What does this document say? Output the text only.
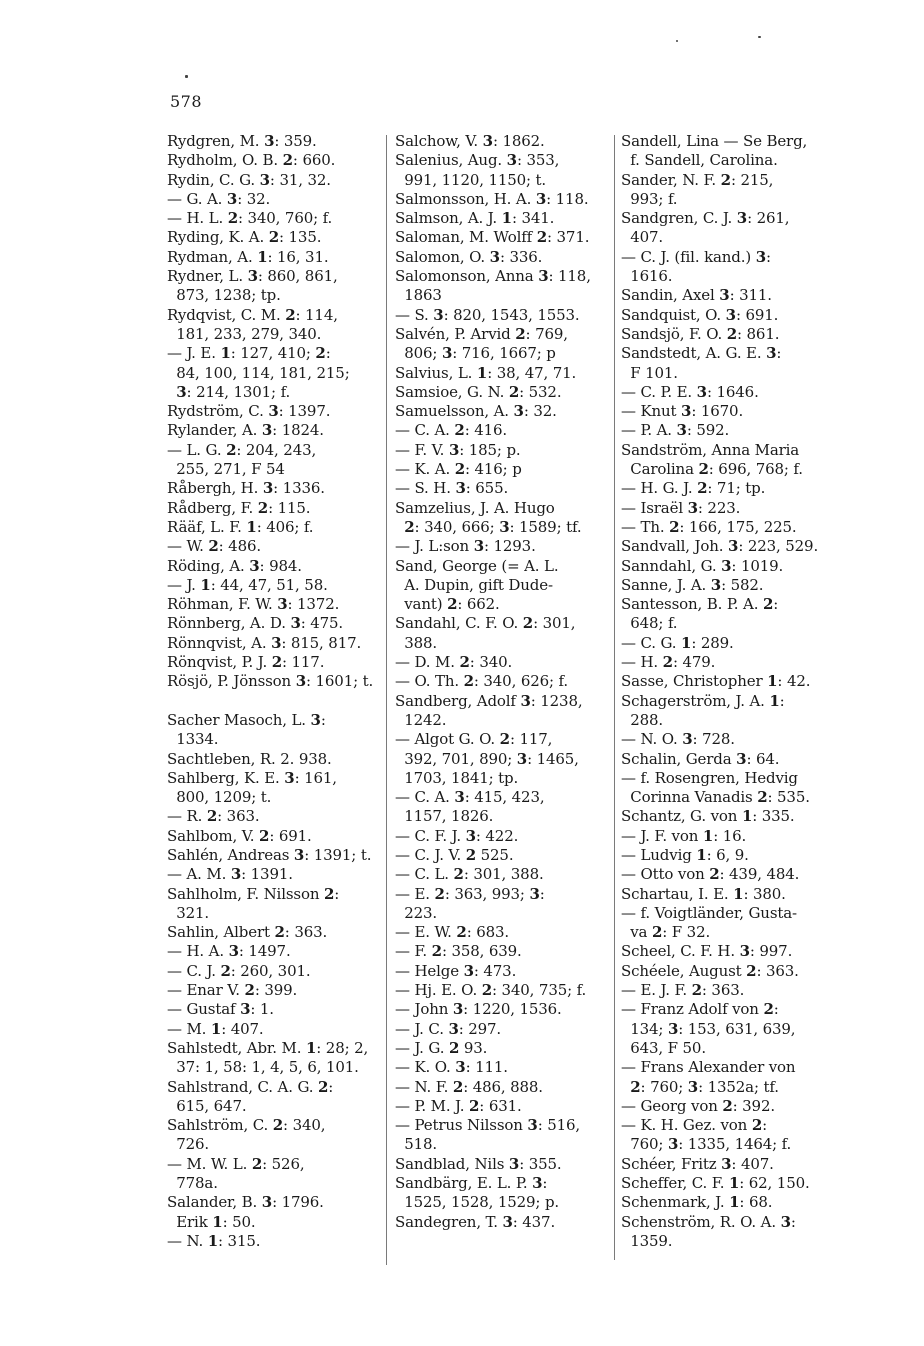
578
Rydgren, M. 3: 359.
Rydholm, O. B. 2: 660.
Rydin, C. G. 3: 31, 32.
— G. A. 3: 32.
— H. L. 2: 340, 760; f.
Ryding, K. A. 2: 135.
Rydman, A. 1: 16, 31.
Rydner, L. 3: 860, 861,
873, 1238; tp.
Rydqvist, C. M. 2: 114,
181, 233, 279, 340.
— J. E. 1: 127, 410; 2:
84, 100, 114, 181, 215;
3: 214, 1301; f.
Rydström, C. 3: 1397.
Rylander, A. 3: 1824.
— L. G. 2: 204, 243,
255, 271, F 54
Råbergh, H. 3: 1336.
Rådberg, F. 2: 115.
Rääf, L. F. 1: 406; f.
— W. 2: 486.
Röding, A. 3: 984.
— J. 1: 44, 47, 51, 58.
Röhman, F. W. 3: 1372.
Rönnberg, A. D. 3: 475.
Rönnqvist, A. 3: 815, 817.
Rönqvist, P. J. 2: 117.
Rösjö, P. Jönsson 3: 1601; t.
Sacher Masoch, L. 3:
1334.
Sachtleben, R. 2. 938.
Sahlberg, K. E. 3: 161,
800, 1209; t.
— R. 2: 363.
Sahlbom, V. 2: 691.
Sahlén, Andreas 3: 1391; t.
— A. M. 3: 1391.
Sahlholm, F. Nilsson 2:
321.
Sahlin, Albert 2: 363.
— H. A. 3: 1497.
— C. J. 2: 260, 301.
— Enar V. 2: 399.
— Gustaf 3: 1.
— M. 1: 407.
Sahlstedt, Abr. M. 1: 28; 2,
37: 1, 58: 1, 4, 5, 6, 101.
Sahlstrand, C. A. G. 2:
615, 647.
Sahlström, C. 2: 340,
726.
— M. W. L. 2: 526,
778a.
Salander, B. 3: 1796.
Erik 1: 50.
— N. 1: 315.
Salchow, V. 3: 1862.
Salenius, Aug. 3: 353,
991, 1120, 1150; t.
Salmonsson, H. A. 3: 118.
Salmson, A. J. 1: 341.
Saloman, M. Wolff 2: 371.
Salomon, O. 3: 336.
Salomonson, Anna 3: 118,
1863
— S. 3: 820, 1543, 1553.
Salvén, P. Arvid 2: 769,
806; 3: 716, 1667; p
Salvius, L. 1: 38, 47, 71.
Samsioe, G. N. 2: 532.
Samuelsson, A. 3: 32.
— C. A. 2: 416.
— F. V. 3: 185; p.
— K. A. 2: 416; p
— S. H. 3: 655.
Samzelius, J. A. Hugo
2: 340, 666; 3: 1589; tf.
— J. L:son 3: 1293.
Sand, George (= A. L.
A. Dupin, gift Dude-
vant) 2: 662.
Sandahl, C. F. O. 2: 301,
388.
— D. M. 2: 340.
— O. Th. 2: 340, 626; f.
Sandberg, Adolf 3: 1238,
1242.
— Algot G. O. 2: 117,
392, 701, 890; 3: 1465,
1703, 1841; tp.
— C. A. 3: 415, 423,
1157, 1826.
— C. F. J. 3: 422.
— C. J. V. 2 525.
— C. L. 2: 301, 388.
— E. 2: 363, 993; 3:
223.
— E. W. 2: 683.
— F. 2: 358, 639.
— Helge 3: 473.
— Hj. E. O. 2: 340, 735; f.
— John 3: 1220, 1536.
— J. C. 3: 297.
— J. G. 2 93.
— K. O. 3: 111.
— N. F. 2: 486, 888.
— P. M. J. 2: 631.
— Petrus Nilsson 3: 516,
518.
Sandblad, Nils 3: 355.
Sandbärg, E. L. P. 3:
1525, 1528, 1529; p.
Sandegren, T. 3: 437.
Sandell, Lina — Se Berg,
f. Sandell, Carolina.
Sander, N. F. 2: 215,
993; f.
Sandgren, C. J. 3: 261,
407.
— C. J. (fil. kand.) 3:
1616.
Sandin, Axel 3: 311.
Sandquist, O. 3: 691.
Sandsjö, F. O. 2: 861.
Sandstedt, A. G. E. 3:
F 101.
— C. P. E. 3: 1646.
— Knut 3: 1670.
— P. A. 3: 592.
Sandström, Anna Maria
Carolina 2: 696, 768; f.
— H. G. J. 2: 71; tp.
— Israël 3: 223.
— Th. 2: 166, 175, 225.
Sandvall, Joh. 3: 223, 529.
Sanndahl, G. 3: 1019.
Sanne, J. A. 3: 582.
Santesson, B. P. A. 2:
648; f.
— C. G. 1: 289.
— H. 2: 479.
Sasse, Christopher 1: 42.
Schagerström, J. A. 1:
288.
— N. O. 3: 728.
Schalin, Gerda 3: 64.
— f. Rosengren, Hedvig
Corinna Vanadis 2: 535.
Schantz, G. von 1: 335.
— J. F. von 1: 16.
— Ludvig 1: 6, 9.
— Otto von 2: 439, 484.
Schartau, I. E. 1: 380.
— f. Voigtländer, Gusta-
va 2: F 32.
Scheel, C. F. H. 3: 997.
Schéele, August 2: 363.
— E. J. F. 2: 363.
— Franz Adolf von 2:
134; 3: 153, 631, 639,
643, F 50.
— Frans Alexander von
2: 760; 3: 1352a; tf.
— Georg von 2: 392.
— K. H. Gez. von 2:
760; 3: 1335, 1464; f.
Schéer, Fritz 3: 407.
Scheffer, C. F. 1: 62, 150.
Schenmark, J. 1: 68.
Schenström, R. O. A. 3:
1359.
